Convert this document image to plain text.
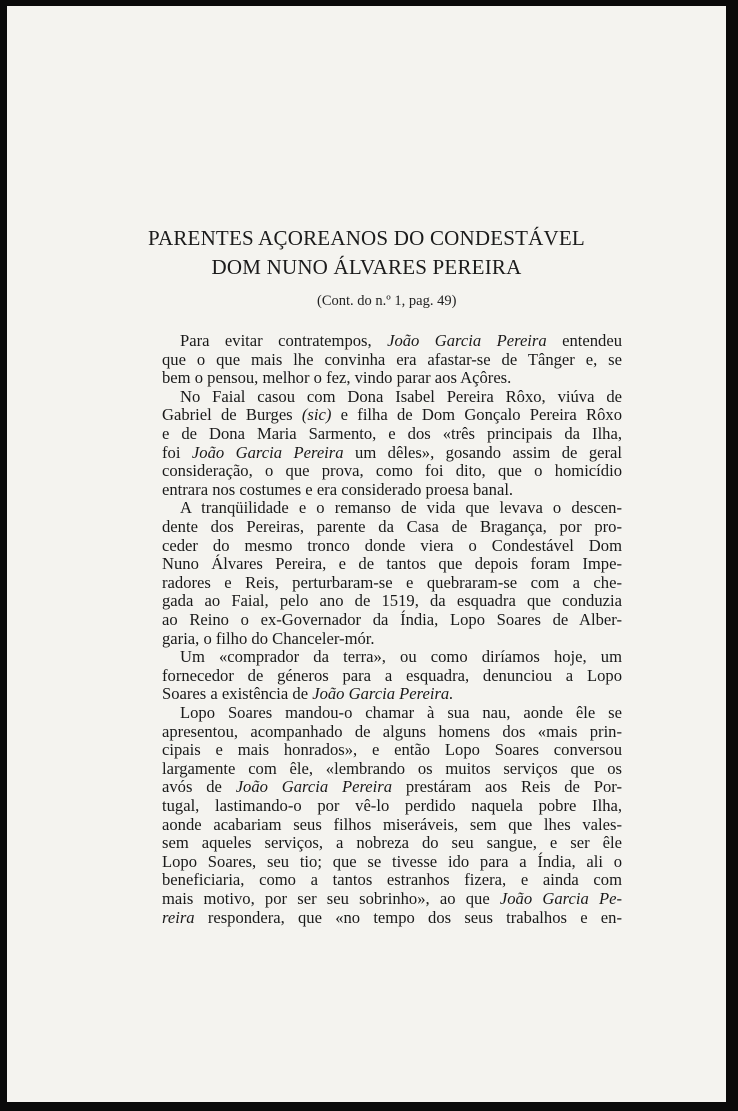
PARENTES AÇOREANOS DO CONDESTÁVEL
DOM NUNO ÁLVARES PEREIRA
(Cont. do n.º 1, pag. 49)
Para evitar contratempos, João Garcia Pereira entendeu
que o que mais lhe convinha era afastar-se de Tânger e, se
bem o pensou, melhor o fez, vindo parar aos Açôres.
No Faial casou com Dona Isabel Pereira Rôxo, viúva de
Gabriel de Burges (sic) e filha de Dom Gonçalo Pereira Rôxo
e de Dona Maria Sarmento, e dos «três principais da Ilha,
foi João Garcia Pereira um dêles», gosando assim de geral
consideração, o que prova, como foi dito, que o homicídio
entrara nos costumes e era considerado proesa banal.
A tranqüilidade e o remanso de vida que levava o descen-
dente dos Pereiras, parente da Casa de Bragança, por pro-
ceder do mesmo tronco donde viera o Condestável Dom
Nuno Álvares Pereira, e de tantos que depois foram Impe-
radores e Reis, perturbaram-se e quebraram-se com a che-
gada ao Faial, pelo ano de 1519, da esquadra que conduzia
ao Reino o ex-Governador da Índia, Lopo Soares de Alber-
garia, o filho do Chanceler-mór.
Um «comprador da terra», ou como diríamos hoje, um
fornecedor de géneros para a esquadra, denunciou a Lopo
Soares a existência de João Garcia Pereira.
Lopo Soares mandou-o chamar à sua nau, aonde êle se
apresentou, acompanhado de alguns homens dos «mais prin-
cipais e mais honrados», e então Lopo Soares conversou
largamente com êle, «lembrando os muitos serviços que os
avós de João Garcia Pereira prestáram aos Reis de Por-
tugal, lastimando-o por vê-lo perdido naquela pobre Ilha,
aonde acabariam seus filhos miseráveis, sem que lhes vales-
sem aqueles serviços, a nobreza do seu sangue, e ser êle
Lopo Soares, seu tio; que se tivesse ido para a Índia, ali o
beneficiaria, como a tantos estranhos fizera, e ainda com
mais motivo, por ser seu sobrinho», ao que João Garcia Pe-
reira respondera, que «no tempo dos seus trabalhos e en-
